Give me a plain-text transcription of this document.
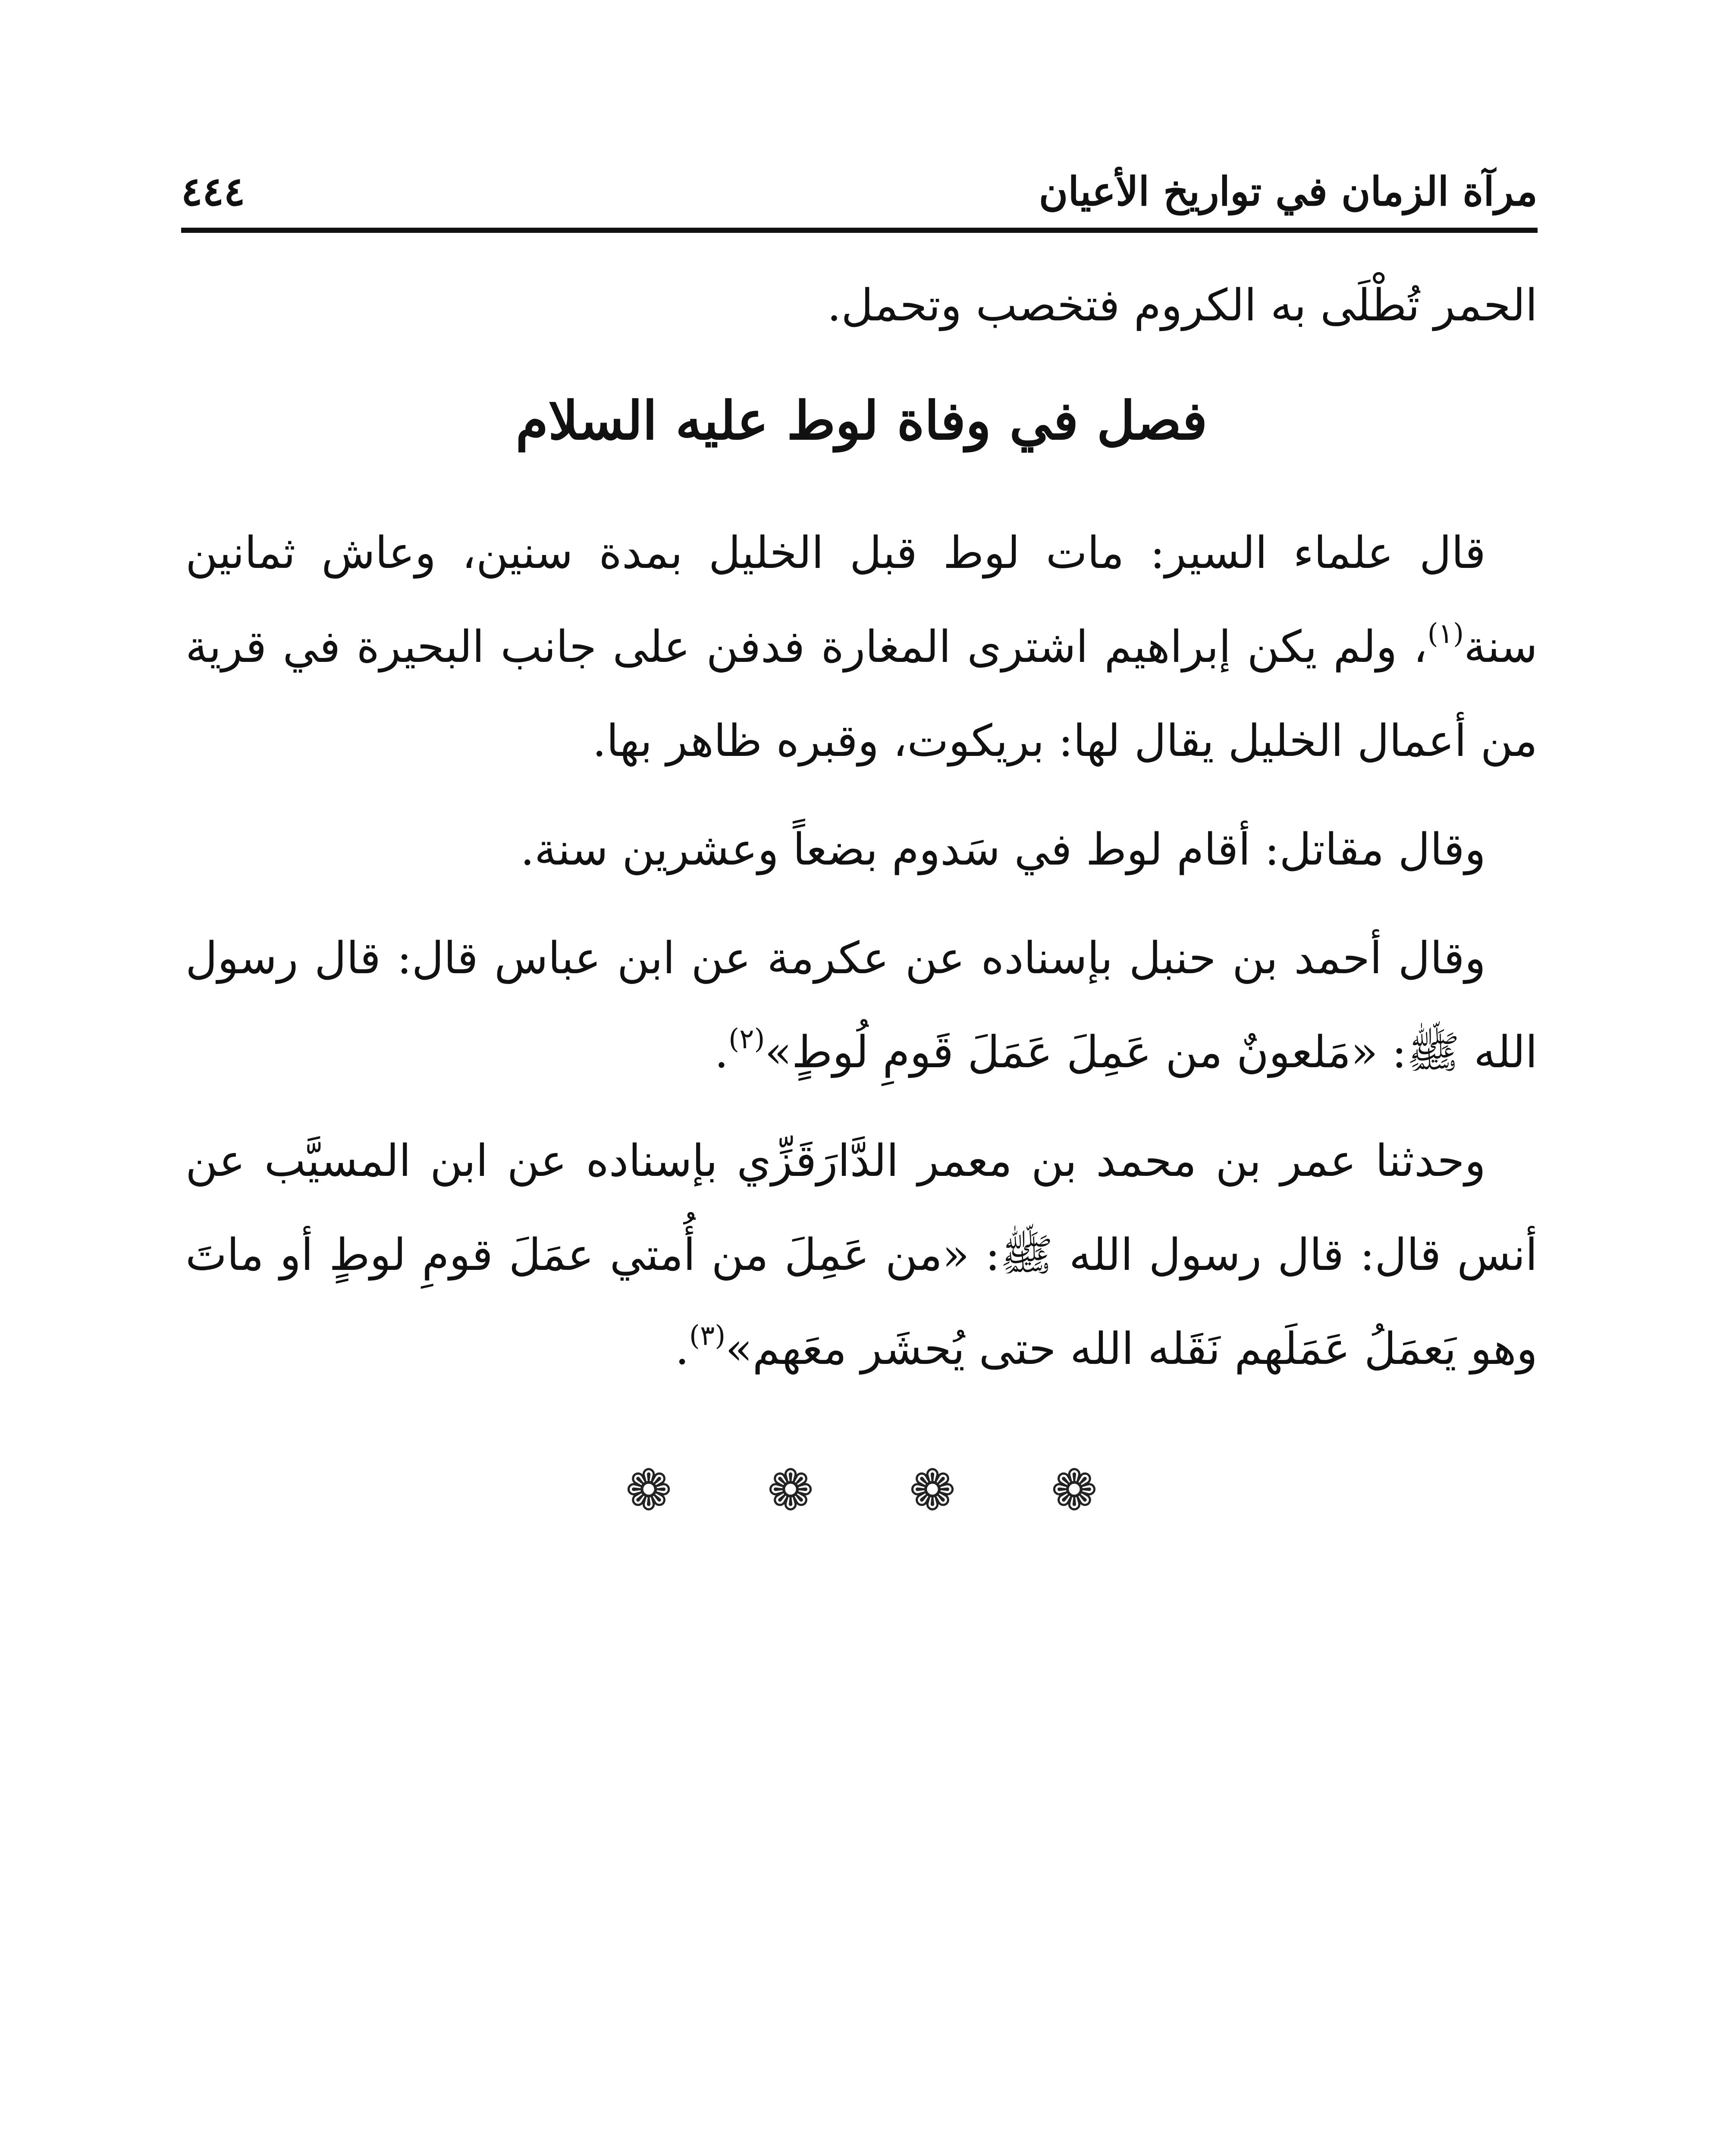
٤٤٤	مرآة الزمان في تواريخ الأعيان

الحمر تُطْلَى به الكروم فتخصب وتحمل.

فصل في وفاة لوط عليه السلام

قال علماء السير: مات لوط قبل الخليل بمدة سنين، وعاش ثمانين سنة$^{(١)}$، ولم يكن إبراهيم اشترى المغارة فدفن على جانب البحيرة في قرية من أعمال الخليل يقال لها: بريكوت، وقبره ظاهر بها.

وقال مقاتل: أقام لوط في سَدوم بضعاً وعشرين سنة.

وقال أحمد بن حنبل بإسناده عن عكرمة عن ابن عباس قال: قال رسول الله ﷺ: «مَلعونٌ من عَمِلَ عَمَلَ قَومِ لُوطٍ»$^{(٢)}$.

وحدثنا عمر بن محمد بن معمر الدَّارَقَزِّي بإسناده عن ابن المسيَّب عن أنس قال: قال رسول الله ﷺ: «من عَمِلَ من أُمتي عمَلَ قومِ لوطٍ أو ماتَ وهو يَعمَلُ عَمَلَهم نَقَله الله حتى يُحشَر معَهم»$^{(٣)}$.

❁
❁
❁
❁
